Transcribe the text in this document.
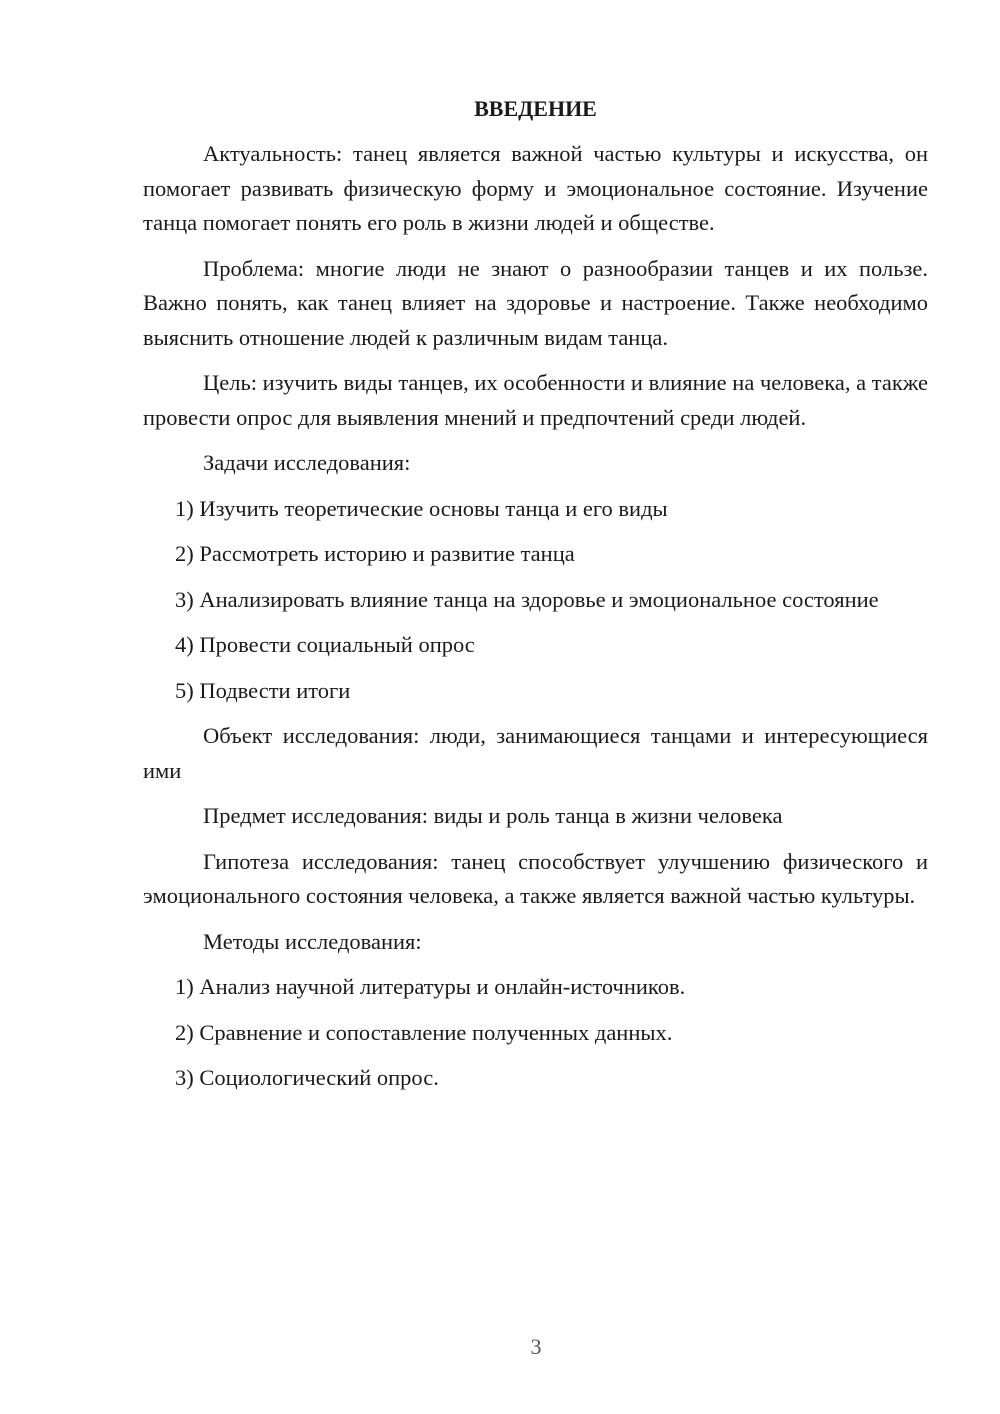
ВВЕДЕНИЕ

Актуальность: танец является важной частью культуры и искусства, он помогает развивать физическую форму и эмоциональное состояние. Изучение танца помогает понять его роль в жизни людей и обществе.

Проблема: многие люди не знают о разнообразии танцев и их пользе. Важно понять, как танец влияет на здоровье и настроение. Также необходимо выяснить отношение людей к различным видам танца.

Цель: изучить виды танцев, их особенности и влияние на человека, а также провести опрос для выявления мнений и предпочтений среди людей.

Задачи исследования:

1) Изучить теоретические основы танца и его виды

2) Рассмотреть историю и развитие танца

3) Анализировать влияние танца на здоровье и эмоциональное состояние

4) Провести социальный опрос

5) Подвести итоги

Объект исследования: люди, занимающиеся танцами и интересующиеся ими

Предмет исследования: виды и роль танца в жизни человека

Гипотеза исследования: танец способствует улучшению физического и эмоционального состояния человека, а также является важной частью культуры.

Методы исследования:

1) Анализ научной литературы и онлайн-источников.

2) Сравнение и сопоставление полученных данных.

3) Социологический опрос.

3
